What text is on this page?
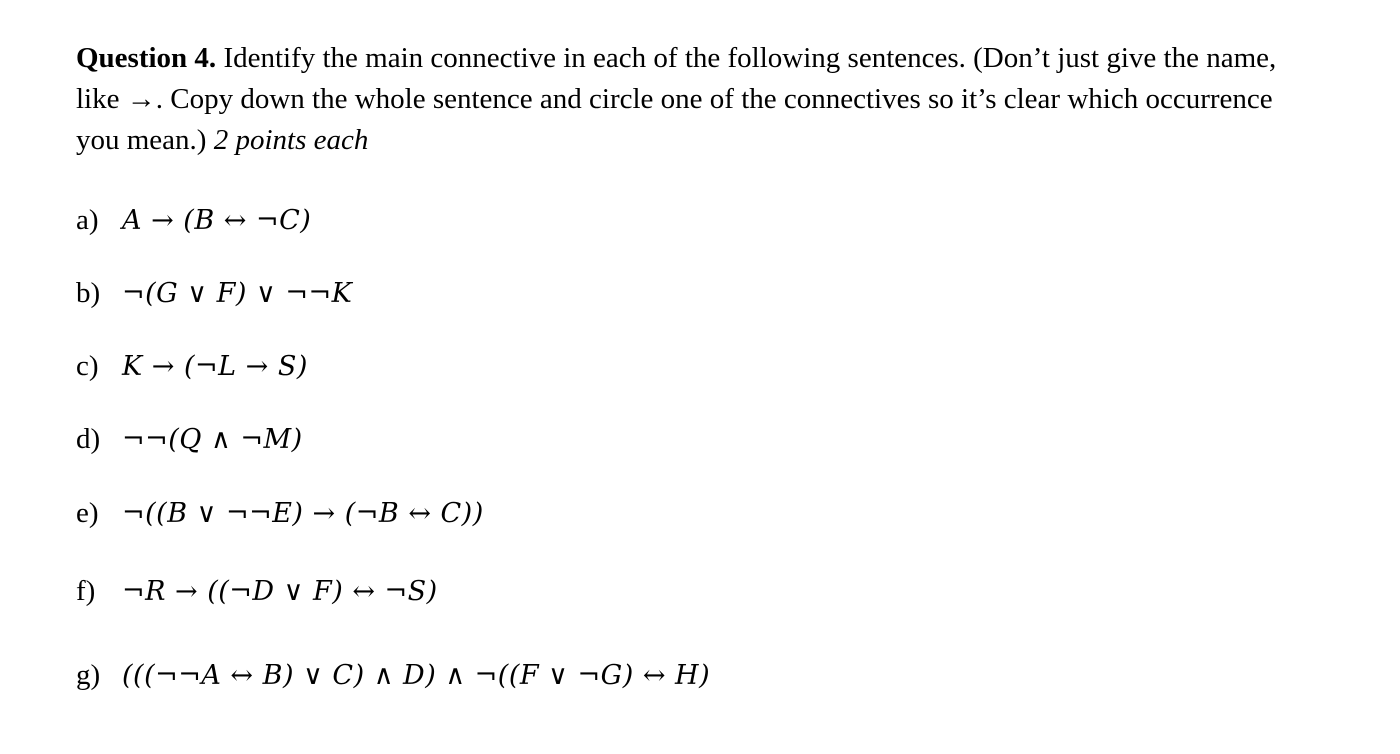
Question 4. Identify the main connective in each of the following sentences. (Don’t just give the name, like →. Copy down the whole sentence and circle one of the connectives so it’s clear which occurrence you mean.) 2 points each
a) A → (B ↔ ¬C)
b) ¬(G ∨ F) ∨ ¬¬K
c) K → (¬L → S)
d) ¬¬(Q ∧ ¬M)
e) ¬((B ∨ ¬¬E) → (¬B ↔ C))
f) ¬R → ((¬D ∨ F) ↔ ¬S)
g) (((¬¬A ↔ B) ∨ C) ∧ D) ∧ ¬((F ∨ ¬G) ↔ H)
